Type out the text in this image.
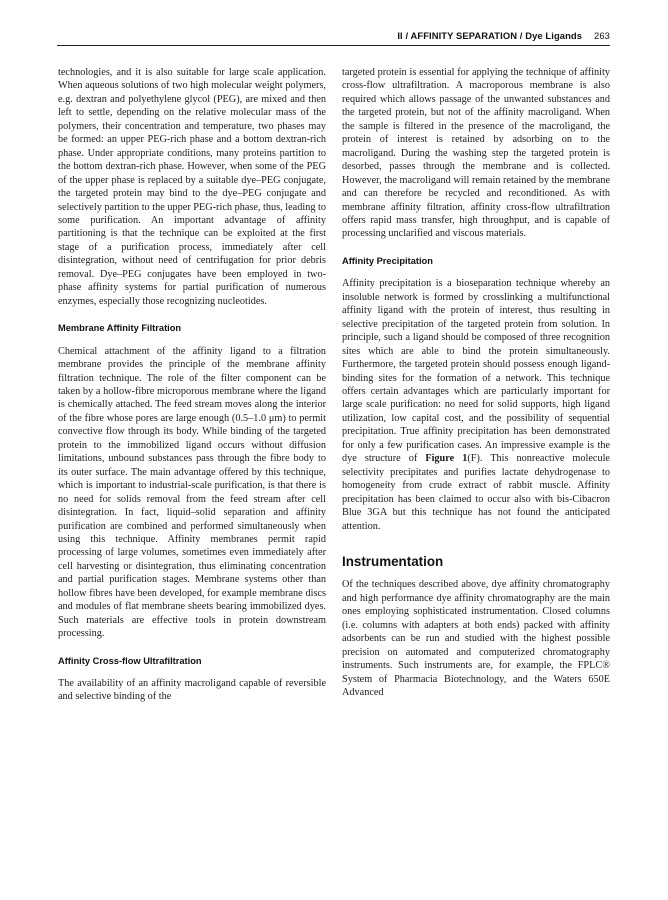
II / AFFINITY SEPARATION / Dye Ligands 263

technologies, and it is also suitable for large scale application. When aqueous solutions of two high molecular weight polymers, e.g. dextran and polyethylene glycol (PEG), are mixed and then left to settle, depending on the relative molecular mass of the polymers, their concentration and temperature, two phases may be formed: an upper PEG-rich phase and a bottom dextran-rich phase. Under appropriate conditions, many proteins partition to the bottom dextran-rich phase. However, when some of the PEG of the upper phase is replaced by a suitable dye–PEG conjugate, the targeted protein may bind to the dye–PEG conjugate and selectively partition to the upper PEG-rich phase, thus, leading to some purification. An important advantage of affinity partitioning is that the technique can be exploited at the first stage of a purification process, immediately after cell disintegration, without need of centrifugation for prior debris removal. Dye–PEG conjugates have been employed in two-phase affinity systems for partial purification of numerous enzymes, especially those recognizing nucleotides.

Membrane Affinity Filtration

Chemical attachment of the affinity ligand to a filtration membrane provides the principle of the membrane affinity filtration technique. The role of the filter component can be taken by a hollow-fibre microporous membrane where the ligand is chemically attached. The feed stream moves along the interior of the fibre whose pores are large enough (0.5–1.0 μm) to permit convective flow through its body. While binding of the targeted protein to the immobilized ligand occurs without diffusion limitations, unbound substances pass through the fibre body to its outer surface. The main advantage offered by this technique, which is important to industrial-scale purification, is that there is no need for solids removal from the feed stream after cell disintegration. In fact, liquid–solid separation and affinity purification are combined and performed simultaneously when using this technique. Affinity membranes permit rapid processing of large volumes, sometimes even immediately after cell harvesting or disintegration, thus eliminating concentration and partial purification stages. Membrane systems other than hollow fibres have been developed, for example membrane discs and modules of flat membrane sheets bearing immobilized dyes. Such materials are effective tools in protein downstream processing.

Affinity Cross-flow Ultrafiltration

The availability of an affinity macroligand capable of reversible and selective binding of the

targeted protein is essential for applying the technique of affinity cross-flow ultrafiltration. A macroporous membrane is also required which allows passage of the unwanted substances and the targeted protein, but not of the affinity macroligand. When the sample is filtered in the presence of the macroligand, the protein of interest is retained by adsorbing on to the macroligand. During the washing step the targeted protein is desorbed, passes through the membrane and is collected. However, the macroligand will remain retained by the membrane and can therefore be recycled and reconditioned. As with membrane affinity filtration, affinity cross-flow ultrafiltration offers rapid mass transfer, high throughput, and is capable of processing unclarified and viscous materials.

Affinity Precipitation

Affinity precipitation is a bioseparation technique whereby an insoluble network is formed by crosslinking a multifunctional affinity ligand with the protein of interest, thus resulting in selective precipitation of the targeted protein from solution. In principle, such a ligand should be composed of three recognition sites which are able to bind the protein simultaneously. Furthermore, the targeted protein should possess enough ligand-binding sites for the formation of a network. This technique offers certain advantages which are particularly important for large scale purification: no need for solid supports, high ligand utilization, low capital cost, and the possibility of sequential precipitation. True affinity precipitation has been demonstrated for only a few purification cases. An impressive example is the dye structure of Figure 1(F). This nonreactive molecule selectivity precipitates and purifies lactate dehydrogenase to homogeneity from crude extract of rabbit muscle. Affinity precipitation has been claimed to occur also with bis-Cibacron Blue 3GA but this technique has not found the anticipated attention.

Instrumentation

Of the techniques described above, dye affinity chromatography and high performance dye affinity chromatography are the main ones employing sophisticated instrumentation. Closed columns (i.e. columns with adapters at both ends) packed with affinity adsorbents can be run and studied with the highest possible precision on automated and computerized chromatography instruments. Such instruments are, for example, the FPLC® System of Pharmacia Biotechnology, and the Waters 650E Advanced
